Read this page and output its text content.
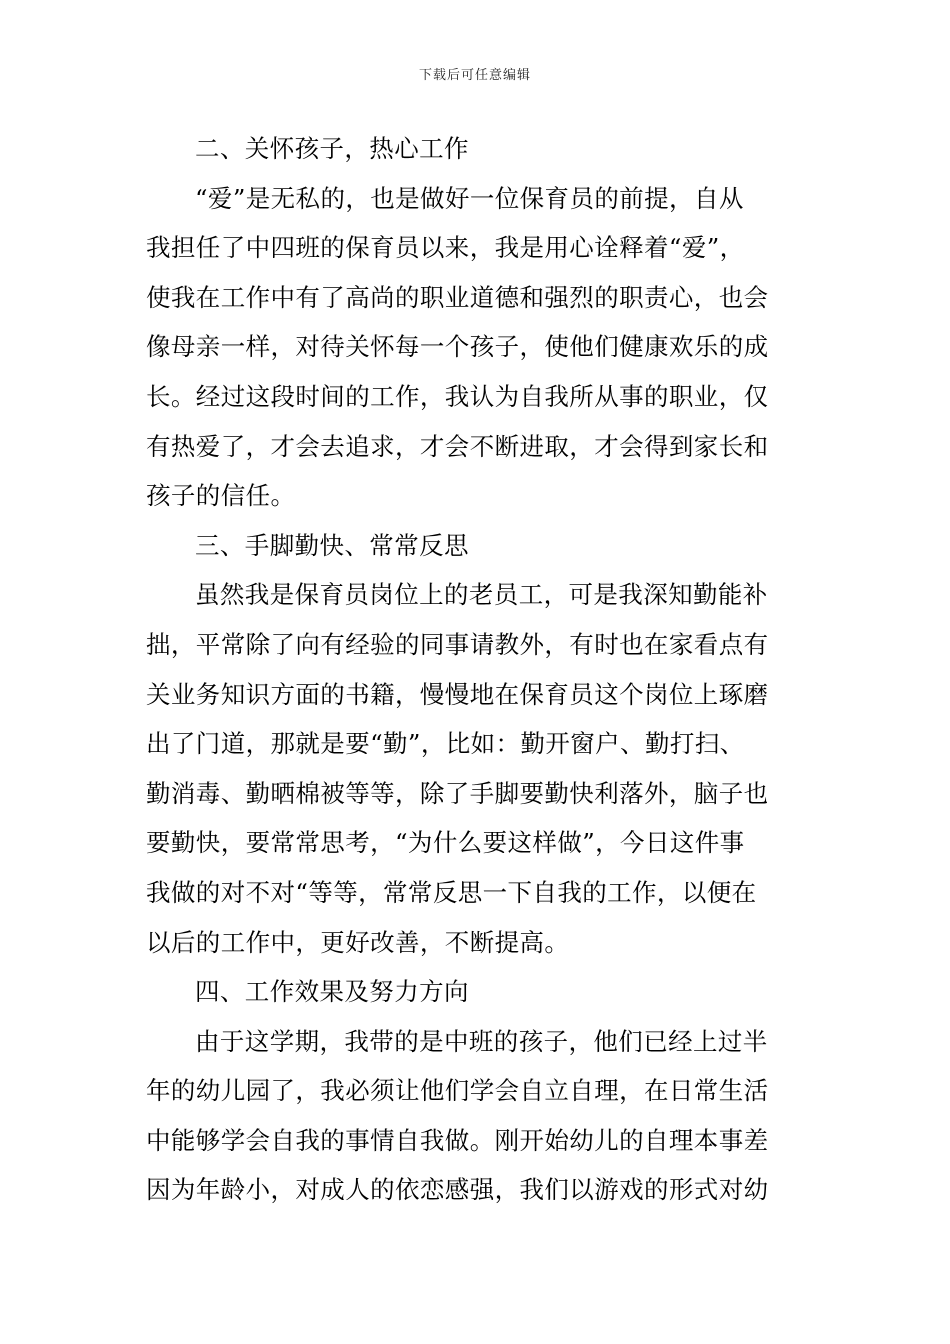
下载后可任意编辑
二、关怀孩子，热心工作
“爱”是无私的，也是做好一位保育员的前提，自从
我担任了中四班的保育员以来，我是用心诠释着“爱”，
使我在工作中有了高尚的职业道德和强烈的职责心，也会
像母亲一样，对待关怀每一个孩子，使他们健康欢乐的成
长。经过这段时间的工作，我认为自我所从事的职业，仅
有热爱了，才会去追求，才会不断进取，才会得到家长和
孩子的信任。
三、手脚勤快、常常反思
虽然我是保育员岗位上的老员工，可是我深知勤能补
拙，平常除了向有经验的同事请教外，有时也在家看点有
关业务知识方面的书籍，慢慢地在保育员这个岗位上琢磨
出了门道，那就是要“勤”，比如：勤开窗户、勤打扫、
勤消毒、勤晒棉被等等，除了手脚要勤快利落外，脑子也
要勤快，要常常思考，“为什么要这样做”，今日这件事
我做的对不对“等等，常常反思一下自我的工作，以便在
以后的工作中，更好改善，不断提高。
四、工作效果及努力方向
由于这学期，我带的是中班的孩子，他们已经上过半
年的幼儿园了，我必须让他们学会自立自理，在日常生活
中能够学会自我的事情自我做。刚开始幼儿的自理本事差
因为年龄小，对成人的依恋感强，我们以游戏的形式对幼
